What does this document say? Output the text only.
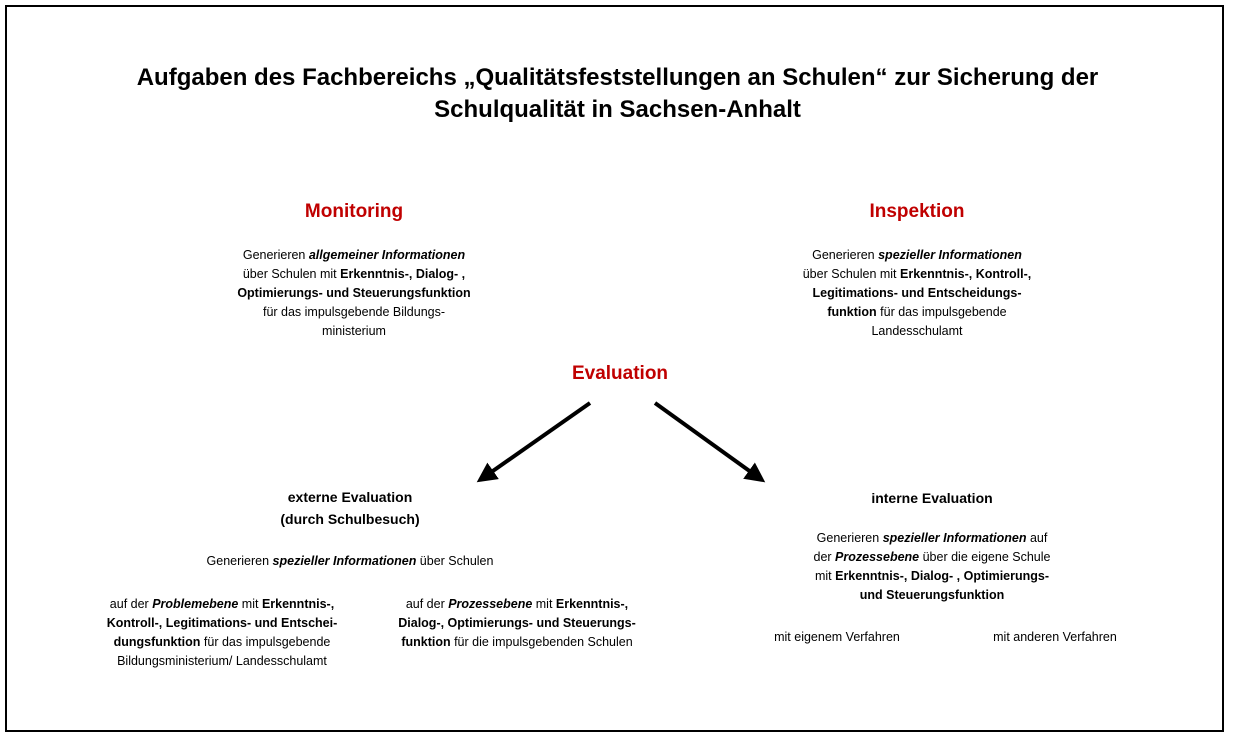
Aufgaben des Fachbereichs „Qualitätsfeststellungen an Schulen“ zur Sicherung der
Schulqualität in Sachsen-Anhalt
Monitoring
Generieren allgemeiner Informationen
über Schulen mit Erkenntnis-, Dialog- ,
Optimierungs- und Steuerungsfunktion
für das impulsgebende Bildungs-
ministerium
Inspektion
Generieren spezieller Informationen
über Schulen mit Erkenntnis-, Kontroll-,
Legitimations- und Entscheidungs-
funktion für das impulsgebende
Landesschulamt
Evaluation
externe Evaluation
(durch Schulbesuch)
Generieren spezieller Informationen über Schulen
auf der Problemebene mit Erkenntnis-,
Kontroll-, Legitimations- und Entschei-
dungsfunktion für das impulsgebende
Bildungsministerium/ Landesschulamt
auf der Prozessebene mit Erkenntnis-,
Dialog-, Optimierungs- und Steuerungs-
funktion für die impulsgebenden Schulen
interne Evaluation
Generieren spezieller Informationen auf
der Prozessebene über die eigene Schule
mit Erkenntnis-, Dialog- , Optimierungs-
und Steuerungsfunktion
mit eigenem Verfahren	mit anderen Verfahren
